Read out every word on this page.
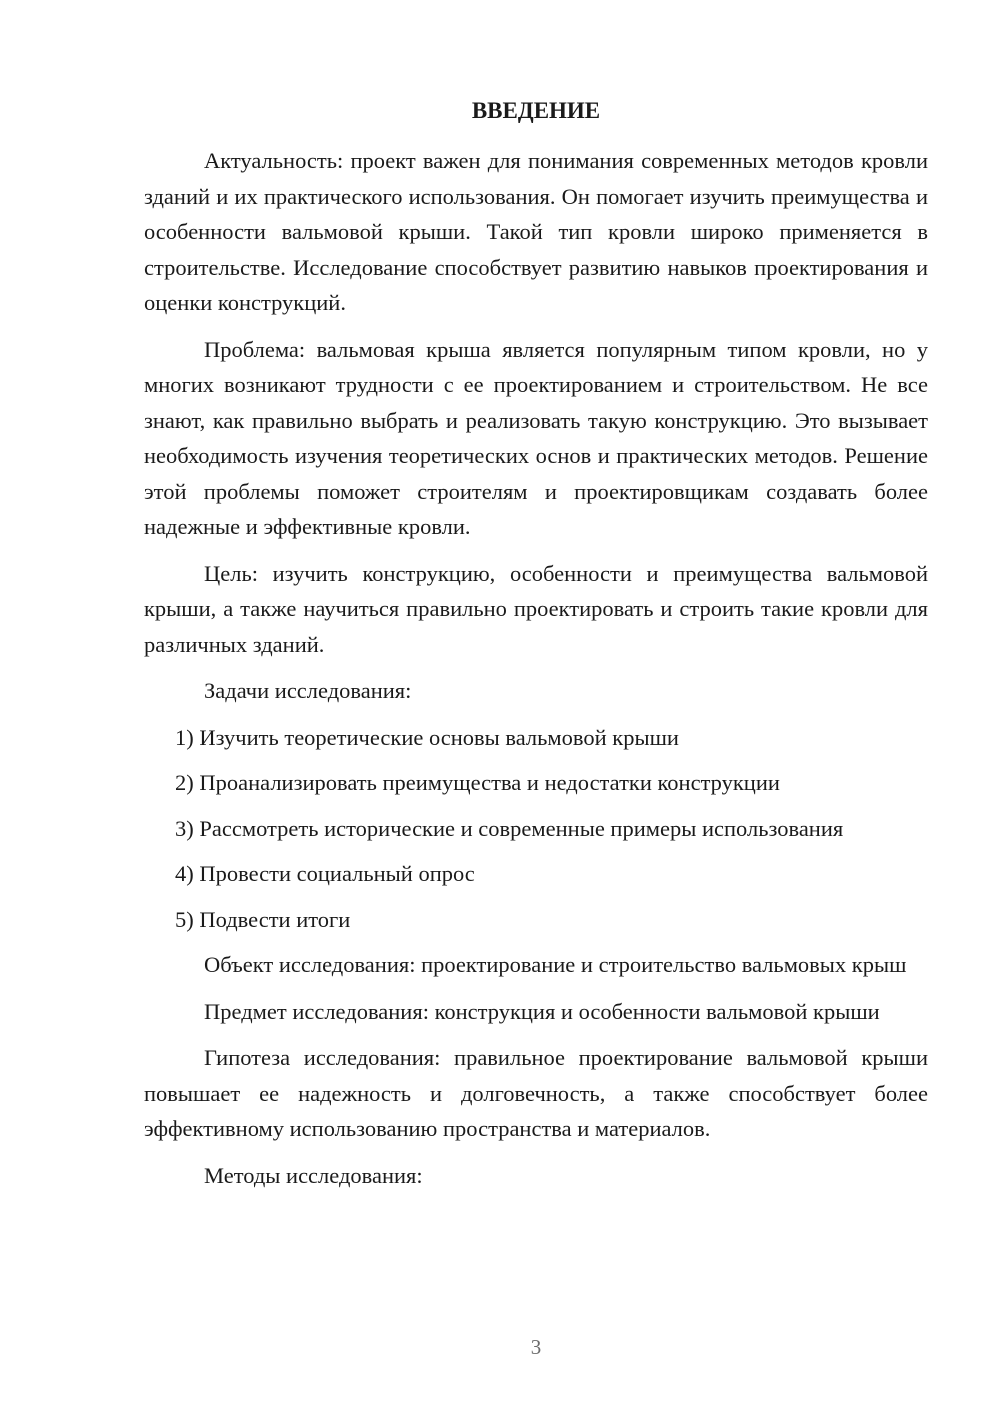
ВВЕДЕНИЕ

Актуальность: проект важен для понимания современных методов кровли зданий и их практического использования. Он помогает изучить преимущества и особенности вальмовой крыши. Такой тип кровли широко применяется в строительстве. Исследование способствует развитию навыков проектирования и оценки конструкций.

Проблема: вальмовая крыша является популярным типом кровли, но у многих возникают трудности с ее проектированием и строительством. Не все знают, как правильно выбрать и реализовать такую конструкцию. Это вызывает необходимость изучения теоретических основ и практических методов. Решение этой проблемы поможет строителям и проектировщикам создавать более надежные и эффективные кровли.

Цель: изучить конструкцию, особенности и преимущества вальмовой крыши, а также научиться правильно проектировать и строить такие кровли для различных зданий.

Задачи исследования:

1) Изучить теоретические основы вальмовой крыши

2) Проанализировать преимущества и недостатки конструкции

3) Рассмотреть исторические и современные примеры использования

4) Провести социальный опрос

5) Подвести итоги

Объект исследования: проектирование и строительство вальмовых крыш

Предмет исследования: конструкция и особенности вальмовой крыши

Гипотеза исследования: правильное проектирование вальмовой крыши повышает ее надежность и долговечность, а также способствует более эффективному использованию пространства и материалов.

Методы исследования:

3
